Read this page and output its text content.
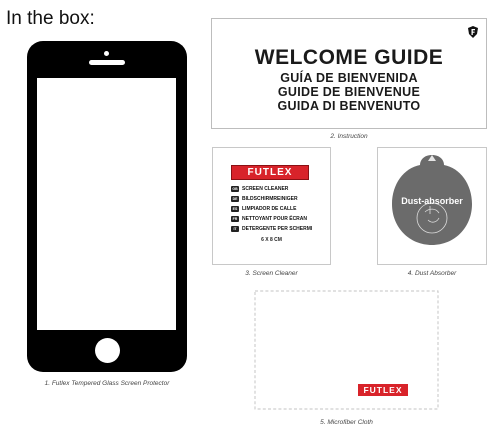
In the box:
1. Futlex Tempered Glass Screen Protector
WELCOME GUIDE
GUÍA DE BIENVENIDA
GUIDE DE BIENVENUE
GUIDA DI BENVENUTO
2. Instruction
FUTLEX
GB SCREEN CLEANER
DE BILDSCHIRMREINIGER
ES LIMPIADOR DE CALLE
FR NETTOYANT POUR ÉCRAN
IT DETERGENTE PER SCHERMI
6 X 8 CM
3. Screen Cleaner
Dust-absorber
Used to clear the dust on the screen
4. Dust Absorber
FUTLEX
5. Microfiber Cloth
